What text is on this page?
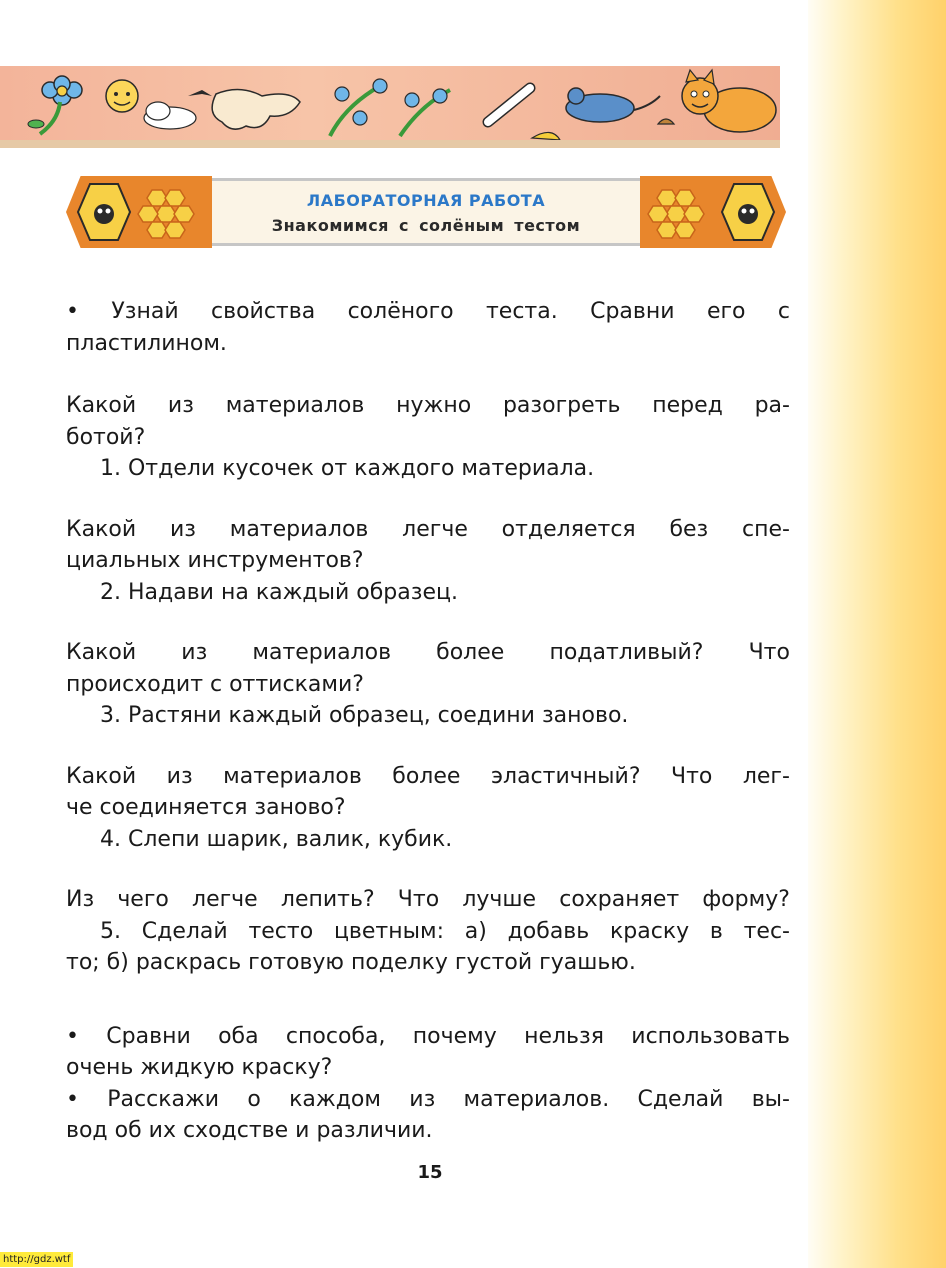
ЛАБОРАТОРНАЯ РАБОТА
Знакомимся с солёным тестом
• Узнай свойства солёного теста. Сравни его с
пластилином.
Какой из материалов нужно разогреть перед ра-
ботой?
1. Отдели кусочек от каждого материала.
Какой из материалов легче отделяется без спе-
циальных инструментов?
2. Надави на каждый образец.
Какой из материалов более податливый? Что
происходит с оттисками?
3. Растяни каждый образец, соедини заново.
Какой из материалов более эластичный? Что лег-
че соединяется заново?
4. Слепи шарик, валик, кубик.
Из чего легче лепить? Что лучше сохраняет форму?
5. Сделай тесто цветным: а) добавь краску в тес-
то; б) раскрась готовую поделку густой гуашью.
• Сравни оба способа, почему нельзя использовать
очень жидкую краску?
• Расскажи о каждом из материалов. Сделай вы-
вод об их сходстве и различии.
15
http://gdz.wtf
